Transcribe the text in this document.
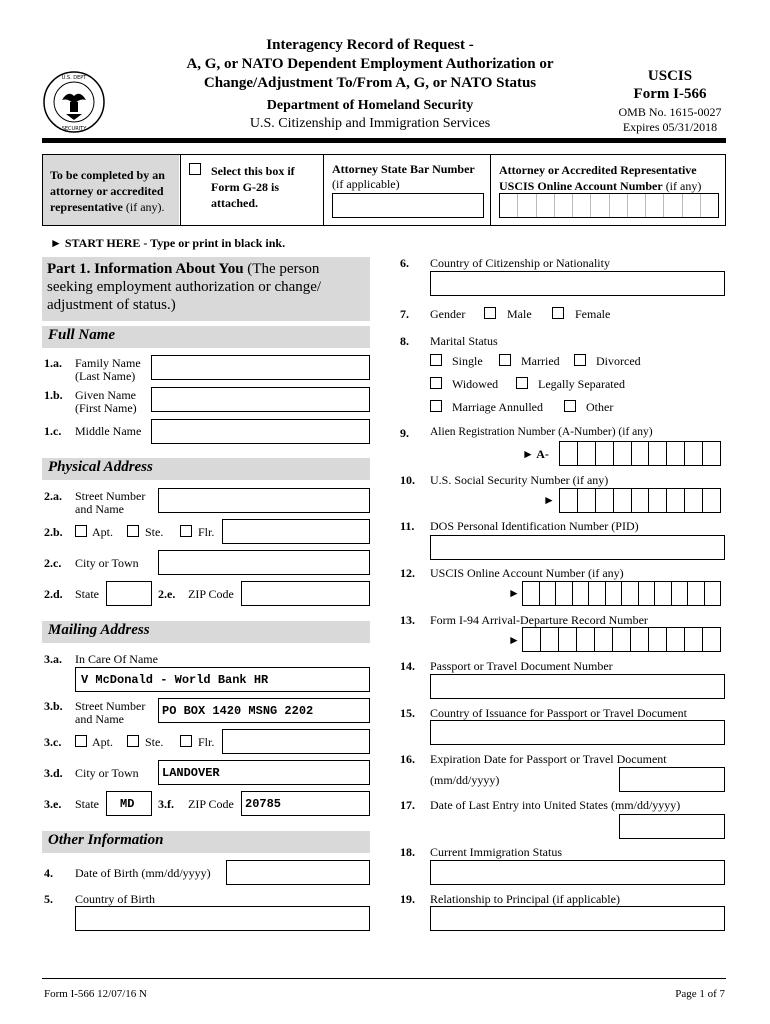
U.S. DEPT
SECURITY
Interagency Record of Request -
A, G, or NATO Dependent Employment Authorization or
Change/Adjustment To/From A, G, or NATO Status
Department of Homeland Security
U.S. Citizenship and Immigration Services
USCIS
Form I-566
OMB No. 1615-0027
Expires 05/31/2018
To be completed by an
attorney or accredited
representative (if any).
Select this box if
Form G-28 is
attached.
Attorney State Bar Number
(if applicable)
Attorney or Accredited Representative
USCIS Online Account Number (if any)
► START HERE - Type or print in black ink.
Part 1. Information About You (The person
seeking employment authorization or change/
adjustment of status.)
Full Name
1.a. Family Name
(Last Name)
1.b. Given Name
(First Name)
1.c. Middle Name
Physical Address
2.a. Street Number
and Name
2.b. Apt.	Ste.	Flr.
2.c. City or Town
2.d. State	2.e. ZIP Code
Mailing Address
3.a. In Care Of Name
V McDonald - World Bank HR
3.b. Street Number
and Name
PO BOX 1420 MSNG 2202
3.c.	Apt.	Ste.	Flr.
3.d. City or Town LANDOVER
3.e. State MD 3.f. ZIP Code 20785
Other Information
4. Date of Birth (mm/dd/yyyy)
5. Country of Birth
6. Country of Citizenship or Nationality
7. Gender	Male	Female
8. Marital Status
Single	Married	Divorced
Widowed	Legally Separated
Marriage Annulled	Other
9. Alien Registration Number (A-Number) (if any)
► A-
10. U.S. Social Security Number (if any)
►
11. DOS Personal Identification Number (PID)
12. USCIS Online Account Number (if any)
►
13. Form I-94 Arrival-Departure Record Number
►
14. Passport or Travel Document Number
15. Country of Issuance for Passport or Travel Document
16. Expiration Date for Passport or Travel Document
(mm/dd/yyyy)
17. Date of Last Entry into United States (mm/dd/yyyy)
18. Current Immigration Status
19. Relationship to Principal (if applicable)
Form I-566 12/07/16 N	Page 1 of 7
